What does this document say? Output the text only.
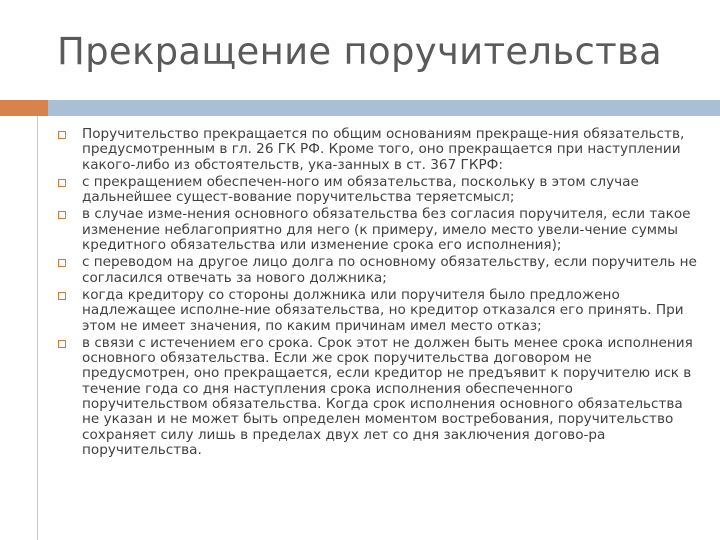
Прекращение поручительства
Поручительство прекращается по общим основаниям прекраще-ния обязательств, предусмотренным в гл. 26 ГК РФ. Кроме того, оно прекращается при наступлении какого-либо из обстоятельств, ука-занных в ст. 367 ГКРФ:
с прекращением обеспечен-ного им обязательства, поскольку в этом случае дальнейшее сущест-вование поручительства теряетсмысл;
в случае изме-нения основного обязательства без согласия поручителя, если такое изменение неблагоприятно для него (к примеру, имело место увели-чение суммы кредитного обязательства или изменение срока его исполнения);
с переводом на другое лицо долга по основному обязательству, если поручитель не согласился отвечать за нового должника;
когда кредитору со стороны должника или поручителя было предложено надлежащее исполне-ние обязательства, но кредитор отказался его принять. При этом не имеет значения, по каким причинам имел место отказ;
в связи с истечением его срока. Срок этот не должен быть менее срока исполнения основного обязательства. Если же срок поручительства договором не предусмотрен, оно прекращается, если кредитор не предъявит к поручителю иск в течение года со дня наступления срока исполнения обеспеченного поручительством обязательства. Когда срок исполнения основного обязательства не указан и не может быть определен моментом востребования, поручительство сохраняет силу лишь в пределах двух лет со дня заключения догово-ра поручительства.
